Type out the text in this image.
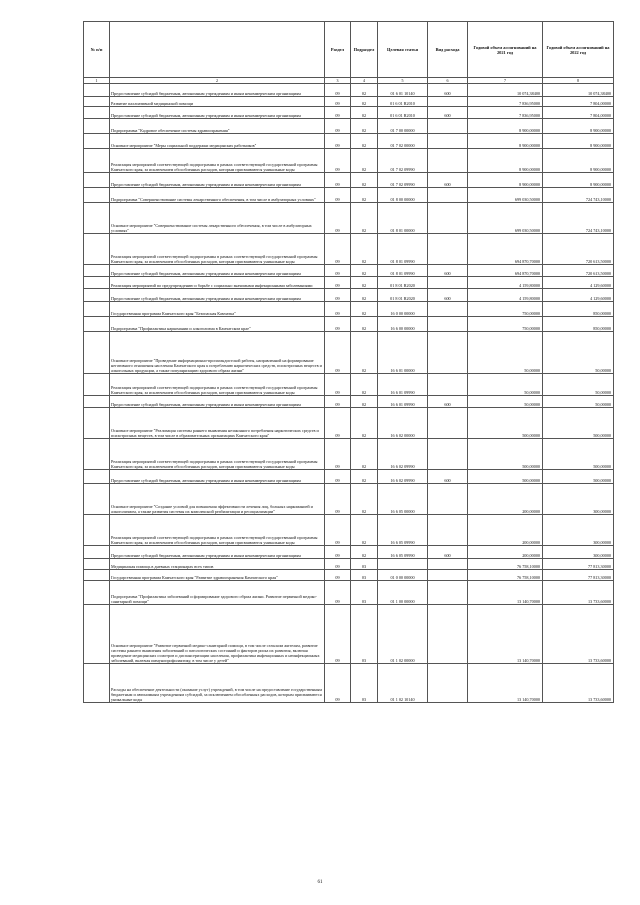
№ п/п		Раздел	Подраздел	Целевая статья	Вид расхода	Годовой объем ассигнований на 2021 год	Годовой объем ассигнований на 2022 год
1	2	3	4	5	6	7	8
	Предоставление субсидий бюджетным, автономным учреждениям и иным некоммерческим организациям	09	02	01 6 01 10140	600	10 074,38400	10 074,38400
	Развитие паллиативной медицинской помощи	09	02	01 6 01 R2010		7 836,95000	7 804,00000
	Предоставление субсидий бюджетным, автономным учреждениям и иным некоммерческим организациям	09	02	01 6 01 R2010	600	7 836,95000	7 804,00000
	Подпрограмма "Кадровое обеспечение системы здравоохранения"	09	02	01 7 00 00000		8 900,00000	8 900,00000
	Основное мероприятие "Меры социальной поддержки медицинских работников"	09	02	01 7 02 00000		8 900,00000	8 900,00000
	Реализация мероприятий соответствующей подпрограммы в рамках соответствующей государственной программы Камчатского края, за исключением обособленных расходов, которым присваиваются уникальные коды	09	02	01 7 02 09990		8 900,00000	8 900,00000
	Предоставление субсидий бюджетным, автономным учреждениям и иным некоммерческим организациям	09	02	01 7 02 09990	600	8 900,00000	8 900,00000
	Подпрограмма "Совершенствование системы лекарственного обеспечения, в том числе в амбулаторных условиях"	09	02	01 8 00 00000		699 030,50000	724 743,10000
	Основное мероприятие "Совершенствование системы лекарственного обеспечения, в том числе в амбулаторных условиях"	09	02	01 8 01 00000		699 030,50000	724 743,10000
	Реализация мероприятий соответствующей подпрограммы в рамках соответствующей государственной программы Камчатского края, за исключением обособленных расходов, которым присваиваются уникальные коды	09	02	01 8 01 09990		694 870,70000	720 613,50000
	Предоставление субсидий бюджетным, автономным учреждениям и иным некоммерческим организациям	09	02	01 8 01 09990	600	694 870,70000	720 613,50000
	Реализация мероприятий по предупреждению и борьбе с социально значимыми инфекционными заболеваниями	09	02	01 8 01 R2020		4 159,80000	4 129,60000
	Предоставление субсидий бюджетным, автономным учреждениям и иным некоммерческим организациям	09	02	01 8 01 R2020	600	4 159,80000	4 129,60000
	Государственная программа Камчатского края "Безопасная Камчатка"	09	02	16 0 00 00000		750,00000	850,00000
	Подпрограмма "Профилактика наркомании и алкоголизма в Камчатском крае"	09	02	16 6 00 00000		750,00000	850,00000
	Основное мероприятие "Проведение информационно-пропагандистской работы, направленной на формирование негативного отношения населения Камчатского края к потреблению наркотических средств, психотропных веществ и алкогольных продукции, а также популяризацию здорового образа жизни"	09	02	16 6 01 00000		50,00000	50,00000
	Реализация мероприятий соответствующей подпрограммы в рамках соответствующей государственной программы Камчатского края, за исключением обособленных расходов, которым присваиваются уникальные коды	09	02	16 6 01 09990		50,00000	50,00000
	Предоставление субсидий бюджетным, автономным учреждениям и иным некоммерческим организациям	09	02	16 6 01 09990	600	50,00000	50,00000
	Основное мероприятие "Реализация системы раннего выявления незаконного потребления наркотических средств и психотропных веществ, в том числе в образовательных организациях Камчатского края"	09	02	16 6 02 00000		500,00000	500,00000
	Реализация мероприятий соответствующей подпрограммы в рамках соответствующей государственной программы Камчатского края, за исключением обособленных расходов, которым присваиваются уникальные коды	09	02	16 6 02 09990		500,00000	500,00000
	Предоставление субсидий бюджетным, автономным учреждениям и иным некоммерческим организациям	09	02	16 6 02 09990	600	500,00000	500,00000
	Основное мероприятие "Создание условий для повышения эффективности лечения лиц, больных наркоманией и алкоголизмом, а также развития системы их комплексной реабилитации и ресоциализации"	09	02	16 6 05 00000		200,00000	300,00000
	Реализация мероприятий соответствующей подпрограммы в рамках соответствующей государственной программы Камчатского края, за исключением обособленных расходов, которым присваиваются уникальные коды	09	02	16 6 05 09990		200,00000	300,00000
	Предоставление субсидий бюджетным, автономным учреждениям и иным некоммерческим организациям	09	02	16 6 05 09990	600	200,00000	300,00000
	Медицинская помощь в дневных стационарах всех типов	09	03			76 758,10000	77 813,30000
	Государственная программа Камчатского края "Развитие здравоохранения Камчатского края"	09	03	01 0 00 00000		76 758,10000	77 813,30000
	Подпрограмма "Профилактика заболеваний и формирование здорового образа жизни. Развитие первичной медико-санитарной помощи"	09	03	01 1 00 00000		13 140,70000	13 733,60000
	Основное мероприятие "Развитие первичной медико-санитарной помощи, в том числе сельским жителям, развитие системы раннего выявления заболеваний и патологических состояний и факторов риска их развития, включая проведение медицинских осмотров и диспансеризации населения, профилактика инфекционных и неинфекционных заболеваний, включая иммунопрофилактику, в том числе у детей"	09	03	01 1 02 00000		13 140,70000	13 733,60000
	Расходы на обеспечение деятельности (оказание услуг) учреждений, в том числе на предоставление государственным бюджетным и автономным учреждениям субсидий, за исключением обособленных расходов, которым присваиваются уникальные коды	09	03	01 1 02 10140		13 140,70000	13 733,60000
61
